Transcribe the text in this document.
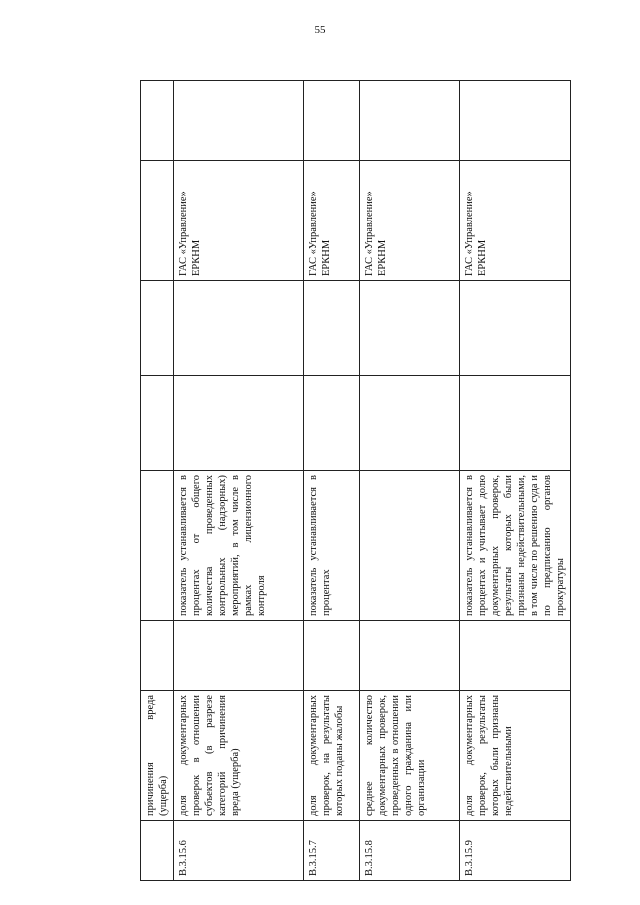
55

	причинения вреда (ущерба)						

В.3.15.6	доля документарных проверок в отношении субъектов (в разрезе категорий причинения вреда (ущерба)		показатель устанавливается в процентах от общего количества проведенных контрольных (надзорных) мероприятий, в том числе в рамках лицензионного контроля			ГАС «Управление» ЕРКНМ	
В.3.15.7	доля документарных проверок, на результаты которых поданы жалобы		показатель устанавливается в процентах			ГАС «Управление» ЕРКНМ	
В.3.15.8	среднее количество документарных проверок, проведенных в отношении одного гражданина или организации					ГАС «Управление» ЕРКНМ	
В.3.15.9	доля документарных проверок, результаты которых были признаны недействительными		показатель устанавливается в процентах и учитывает долю документарных проверок, результаты которых были признаны недействительными, в том числе по решению суда и по предписанию органов прокуратуры			ГАС «Управление» ЕРКНМ	
